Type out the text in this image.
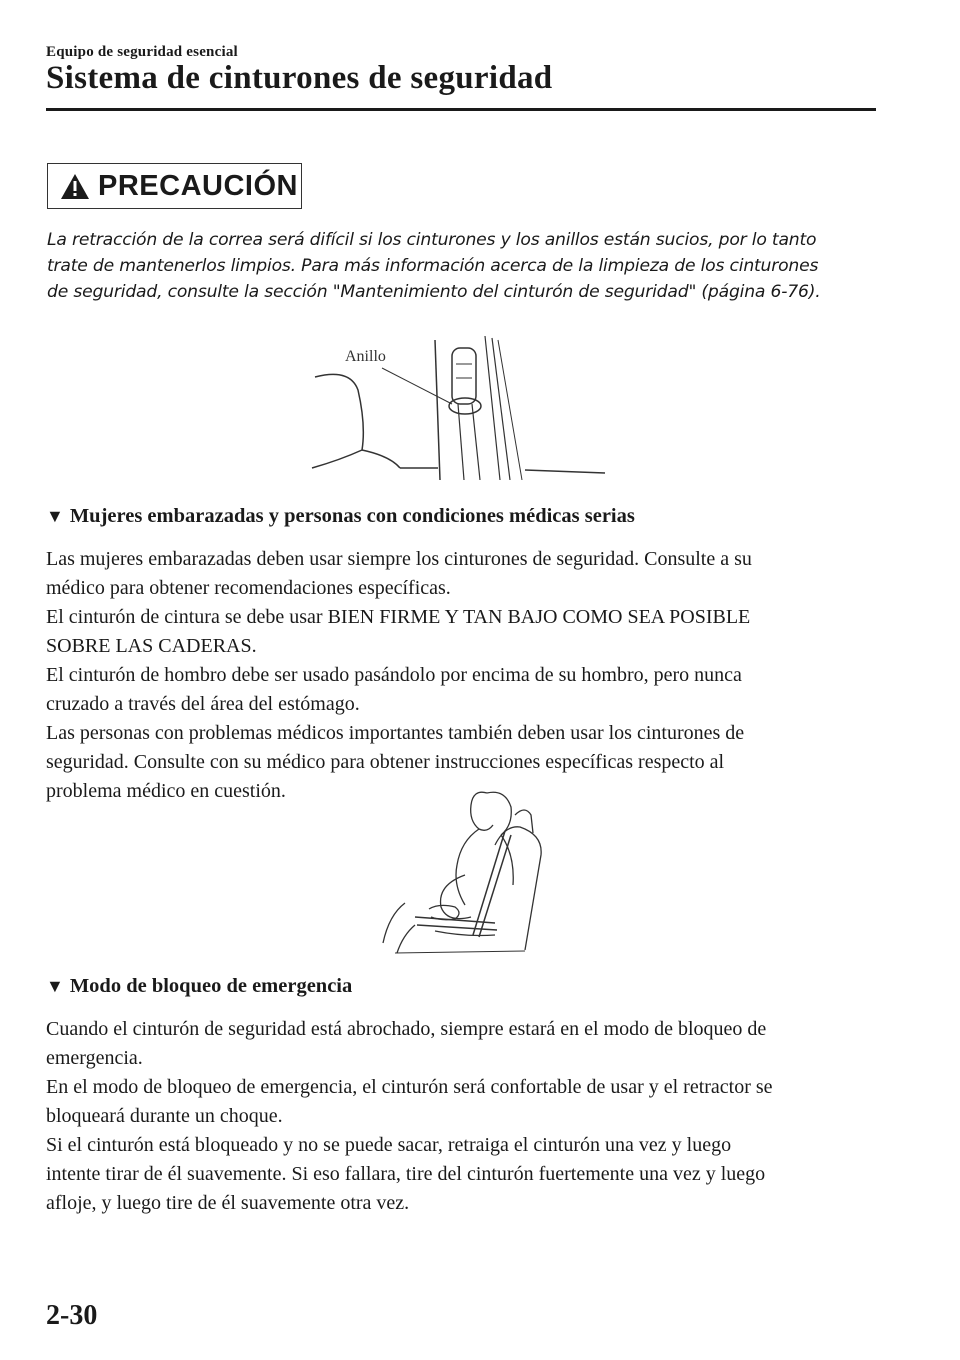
Equipo de seguridad esencial
Sistema de cinturones de seguridad
PRECAUCIÓN
La retracción de la correa será difícil si los cinturones y los anillos están sucios, por lo tanto
trate de mantenerlos limpios. Para más información acerca de la limpieza de los cinturones
de seguridad, consulte la sección "Mantenimiento del cinturón de seguridad" (página 6-76).
Anillo
▼ Mujeres embarazadas y personas con condiciones médicas serias

Las mujeres embarazadas deben usar siempre los cinturones de seguridad. Consulte a su

médico para obtener recomendaciones específicas.

El cinturón de cintura se debe usar BIEN FIRME Y TAN BAJO COMO SEA POSIBLE

SOBRE LAS CADERAS.

El cinturón de hombro debe ser usado pasándolo por encima de su hombro, pero nunca

cruzado a través del área del estómago.

Las personas con problemas médicos importantes también deben usar los cinturones de

seguridad. Consulte con su médico para obtener instrucciones específicas respecto al

problema médico en cuestión.

▼ Modo de bloqueo de emergencia

Cuando el cinturón de seguridad está abrochado, siempre estará en el modo de bloqueo de

emergencia.

En el modo de bloqueo de emergencia, el cinturón será confortable de usar y el retractor se

bloqueará durante un choque.

Si el cinturón está bloqueado y no se puede sacar, retraiga el cinturón una vez y luego

intente tirar de él suavemente. Si eso fallara, tire del cinturón fuertemente una vez y luego

afloje, y luego tire de él suavemente otra vez.

2-30
